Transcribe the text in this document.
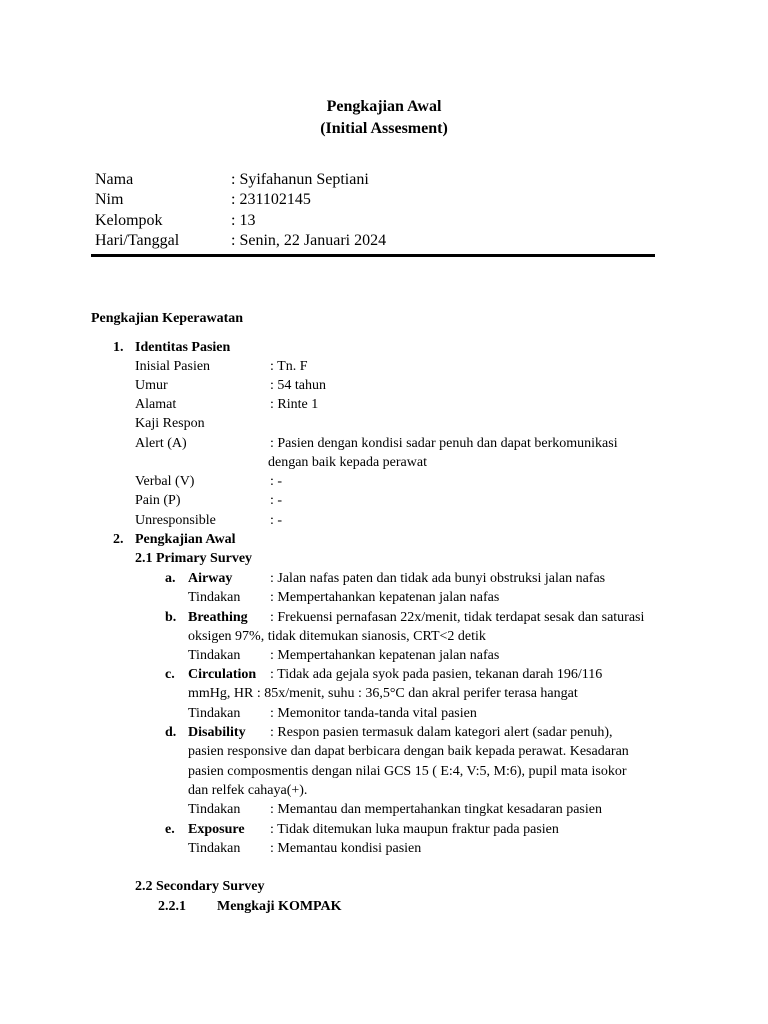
Pengkajian Awal
(Initial Assesment)
Nama	: Syifahanun Septiani
Nim	: 231102145
Kelompok	: 13
Hari/Tanggal	: Senin, 22 Januari 2024
Pengkajian Keperawatan
1. Identitas Pasien
Inisial Pasien	: Tn. F
Umur	: 54 tahun
Alamat	: Rinte 1
Kaji Respon
Alert (A)	: Pasien dengan kondisi sadar penuh dan dapat berkomunikasi
dengan baik kepada perawat
Verbal (V)	: -
Pain (P)	: -
Unresponsible	: -
2. Pengkajian Awal
2.1 Primary Survey
a. Airway	: Jalan nafas paten dan tidak ada bunyi obstruksi jalan nafas
Tindakan : Mempertahankan kepatenan jalan nafas
b. Breathing : Frekuensi pernafasan 22x/menit, tidak terdapat sesak dan saturasi
oksigen 97%, tidak ditemukan sianosis, CRT<2 detik
Tindakan : Mempertahankan kepatenan jalan nafas
c. Circulation : Tidak ada gejala syok pada pasien, tekanan darah 196/116
mmHg, HR : 85x/menit, suhu : 36,5°C dan akral perifer terasa hangat
Tindakan : Memonitor tanda-tanda vital pasien
d. Disability : Respon pasien termasuk dalam kategori alert (sadar penuh),
pasien responsive dan dapat berbicara dengan baik kepada perawat. Kesadaran
pasien composmentis dengan nilai GCS 15 ( E:4, V:5, M:6), pupil mata isokor
dan relfek cahaya(+).
Tindakan : Memantau dan mempertahankan tingkat kesadaran pasien
e. Exposure : Tidak ditemukan luka maupun fraktur pada pasien
Tindakan : Memantau kondisi pasien
2.2 Secondary Survey
2.2.1 Mengkaji KOMPAK
